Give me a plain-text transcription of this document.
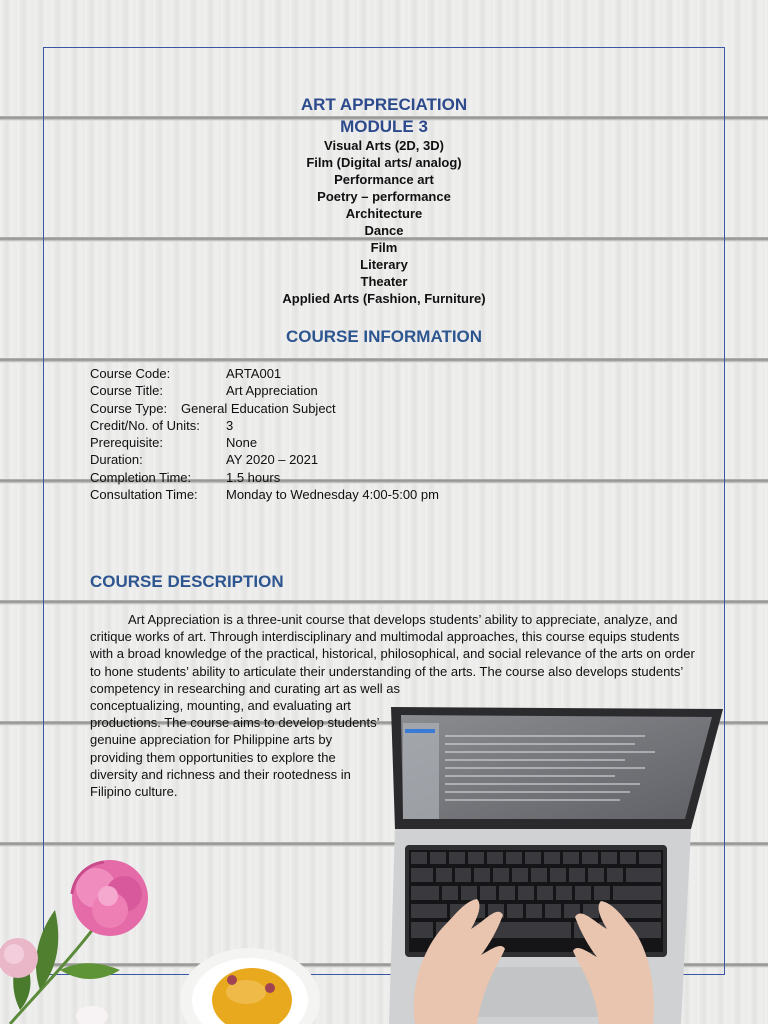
ART APPRECIATION
MODULE 3
Visual Arts (2D, 3D)
Film (Digital arts/ analog)
Performance art
Poetry – performance
Architecture
Dance
Film
Literary
Theater
Applied Arts (Fashion, Furniture)
COURSE INFORMATION
Course Code:	ARTA001
Course Title:	Art Appreciation
Course Type: General Education Subject
Credit/No. of Units: 3
Prerequisite:	None
Duration:	AY 2020 – 2021
Completion Time:	1.5 hours
Consultation Time: Monday to Wednesday 4:00-5:00 pm
COURSE DESCRIPTION
Art Appreciation is a three-unit course that develops students’ ability to appreciate, analyze, and critique works of art. Through interdisciplinary and multimodal approaches, this course equips students with a broad knowledge of the practical, historical, philosophical, and social relevance of the arts on order to hone students’ ability to articulate their understanding of the arts. The course also develops students’ competency in researching and curating art as well as
conceptualizing, mounting, and evaluating art productions. The course aims to develop students’ genuine appreciation for Philippine arts by providing them opportunities to explore the diversity and richness and their rootedness in Filipino culture.
